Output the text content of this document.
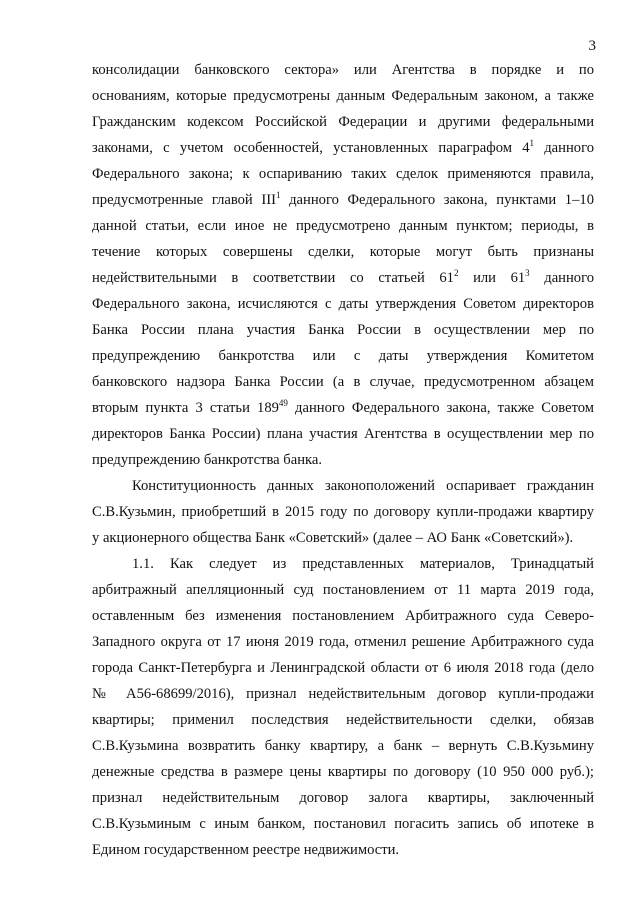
3
консолидации банковского сектора» или Агентства в порядке и по
основаниям, которые предусмотрены данным Федеральным законом, а также
Гражданским кодексом Российской Федерации и другими федеральными
законами, с учетом особенностей, установленных параграфом $4^1$ данного
Федерального закона; к оспариванию таких сделок применяются правила,
предусмотренные главой III$^1$ данного Федерального закона, пунктами 1–10
данной статьи, если иное не предусмотрено данным пунктом; периоды, в
течение которых совершены сделки, которые могут быть признаны
недействительными в соответствии со статьей $61^2$ или $61^3$ данного
Федерального закона, исчисляются с даты утверждения Советом директоров
Банка России плана участия Банка России в осуществлении мер по
предупреждению банкротства или с даты утверждения Комитетом
банковского надзора Банка России (а в случае, предусмотренном абзацем
вторым пункта 3 статьи $189^{49}$ данного Федерального закона, также Советом
директоров Банка России) плана участия Агентства в осуществлении мер по
предупреждению банкротства банка.
Конституционность данных законоположений оспаривает гражданин
С.В.Кузьмин, приобретший в 2015 году по договору купли-продажи квартиру
у акционерного общества Банк «Советский» (далее – АО Банк «Советский»).
1.1. Как следует из представленных материалов, Тринадцатый
арбитражный апелляционный суд постановлением от 11 марта 2019 года,
оставленным без изменения постановлением Арбитражного суда Северо-
Западного округа от 17 июня 2019 года, отменил решение Арбитражного суда
города Санкт-Петербурга и Ленинградской области от 6 июля 2018 года (дело
№ А56-68699/2016), признал недействительным договор купли-продажи
квартиры; применил последствия недействительности сделки, обязав
С.В.Кузьмина возвратить банку квартиру, а банк – вернуть С.В.Кузьмину
денежные средства в размере цены квартиры по договору (10 950 000 руб.);
признал недействительным договор залога квартиры, заключенный
С.В.Кузьминым с иным банком, постановил погасить запись об ипотеке в
Едином государственном реестре недвижимости.
